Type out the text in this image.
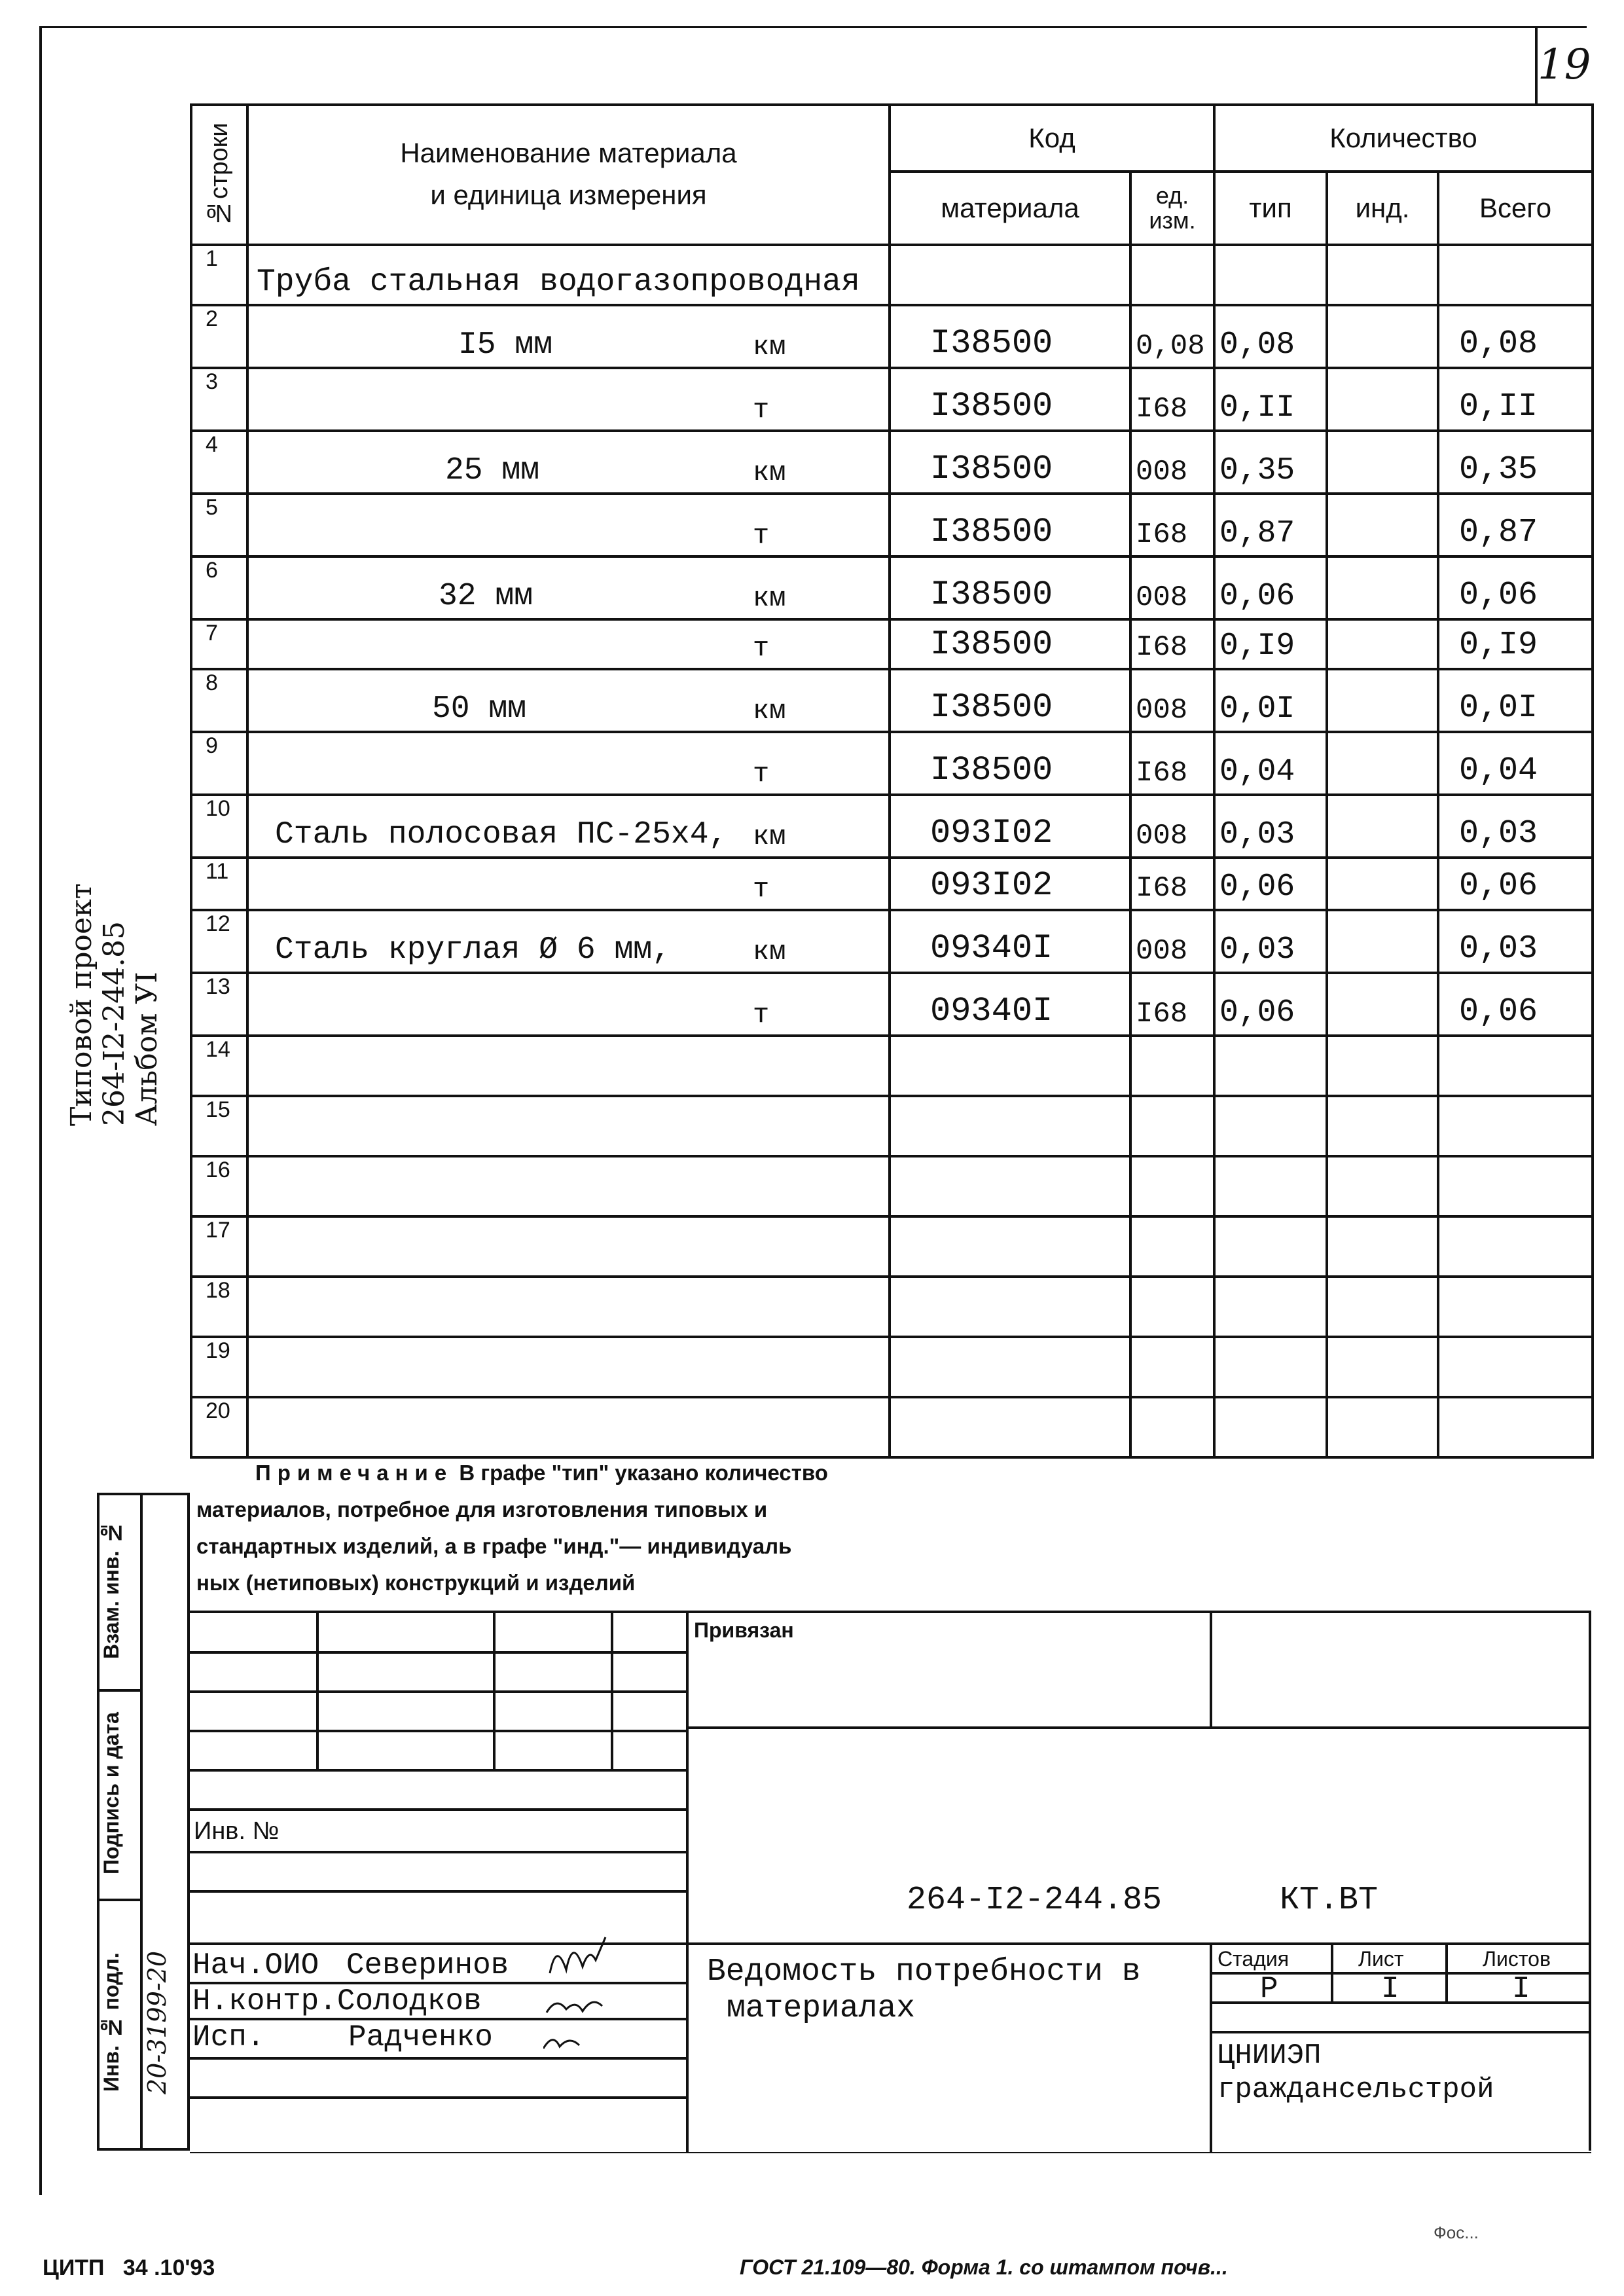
19
Типовой проект 264-I2-244.85 Альбом УI
№строки	Наименование материала
и единица измерения	Код		Количество		
		материала	ед.
изм.	тип	инд.	Всего
1	Труба стальная водогазопроводная					

2	I5 мм км	I38500	0,08	0,08		0,08
3	т	I38500	I68	0,II		0,II
4	25 мм км	I38500	008	0,35		0,35
5	т	I38500	I68	0,87		0,87
6	32 мм км	I38500	008	0,06		0,06
7	т	I38500	I68	0,I9		0,I9
8	50 мм км	I38500	008	0,0I		0,0I
9	т	I38500	I68	0,04		0,04
10	Сталь полосовая ПС-25х4, км	093I02	008	0,03		0,03
11	т	093I02	I68	0,06		0,06
12	Сталь круглая Ø 6 мм, км	09340I	008	0,03		0,03
13	т	09340I	I68	0,06		0,06
14	

15	

16	

17	

18	

19	

20	

Примечание В графе "тип" указано количество
материалов, потребное для изготовления типовых и
стандартных изделий, а в графе "инд."— индивидуаль
ных (нетиповых) конструкций и изделий
Взам. инв. №
Подпись и дата
Инв. № подл. 20-3199-20
Привязан
Инв. №
264-I2-244.85	КТ.ВТ
Ведомость потребности в
материалах
Нач.ОИО Северинов
Н.контр.Солодков
Исп.	Радченко
Стадия	Лист	Листов
Р	I	I
ЦНИИЭП
граждансельстрой
ЦИТП   34 .10'93	ГОСТ 21.109—80. Форма 1. со штампом почв...
Фос...
